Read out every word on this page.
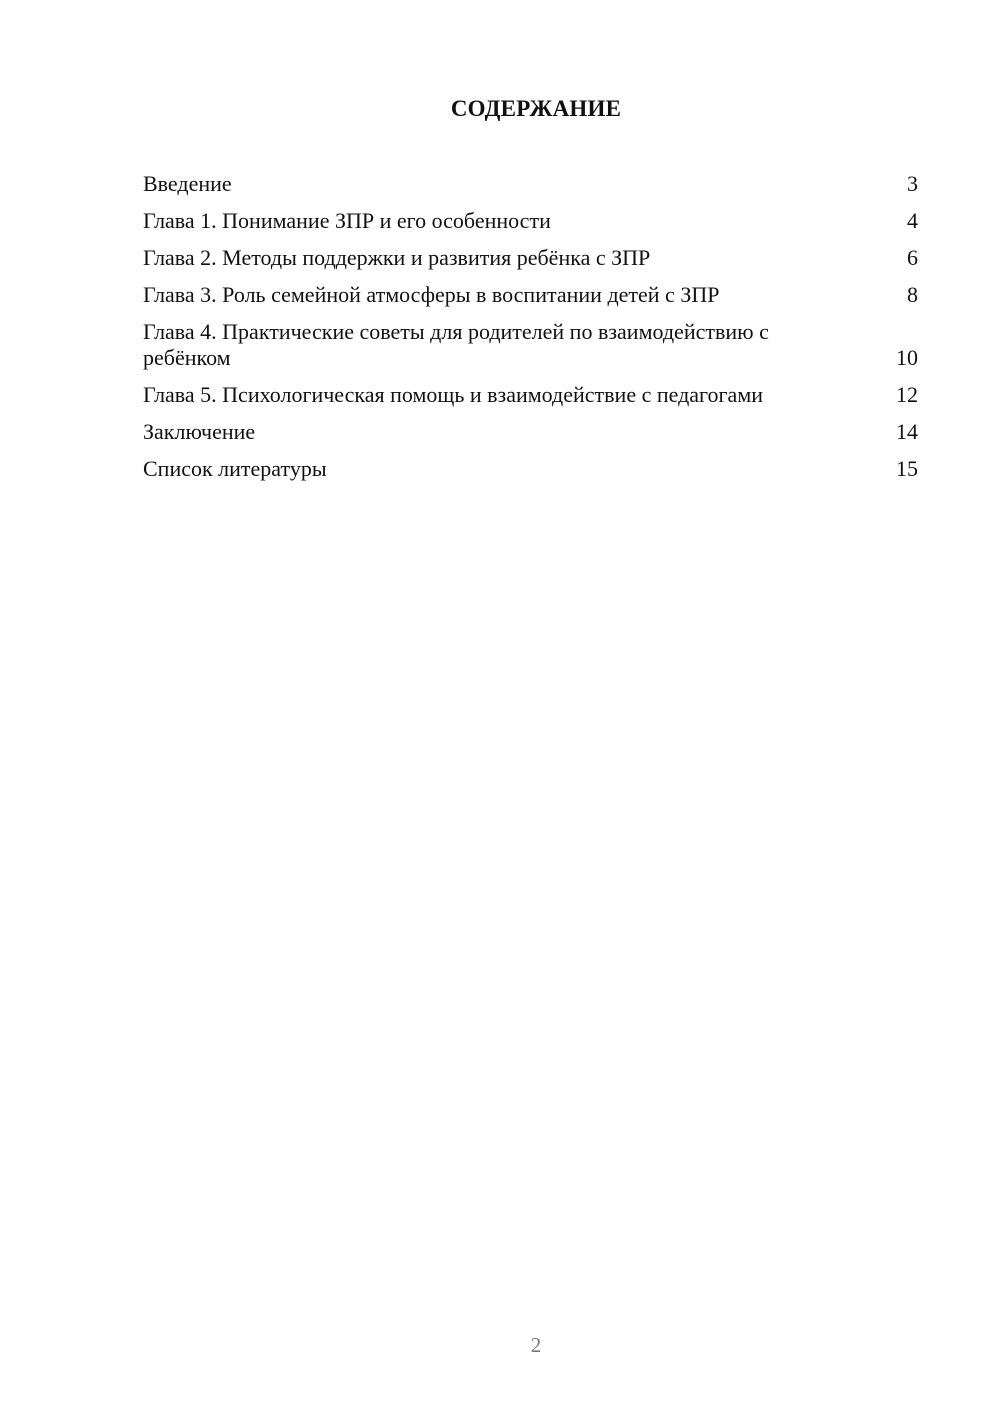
СОДЕРЖАНИЕ
Введение	3
Глава 1. Понимание ЗПР и его особенности	4
Глава 2. Методы поддержки и развития ребёнка с ЗПР	6
Глава 3. Роль семейной атмосферы в воспитании детей с ЗПР	8
Глава 4. Практические советы для родителей по взаимодействию с ребёнком	10
Глава 5. Психологическая помощь и взаимодействие с педагогами	12
Заключение	14
Список литературы	15
2
